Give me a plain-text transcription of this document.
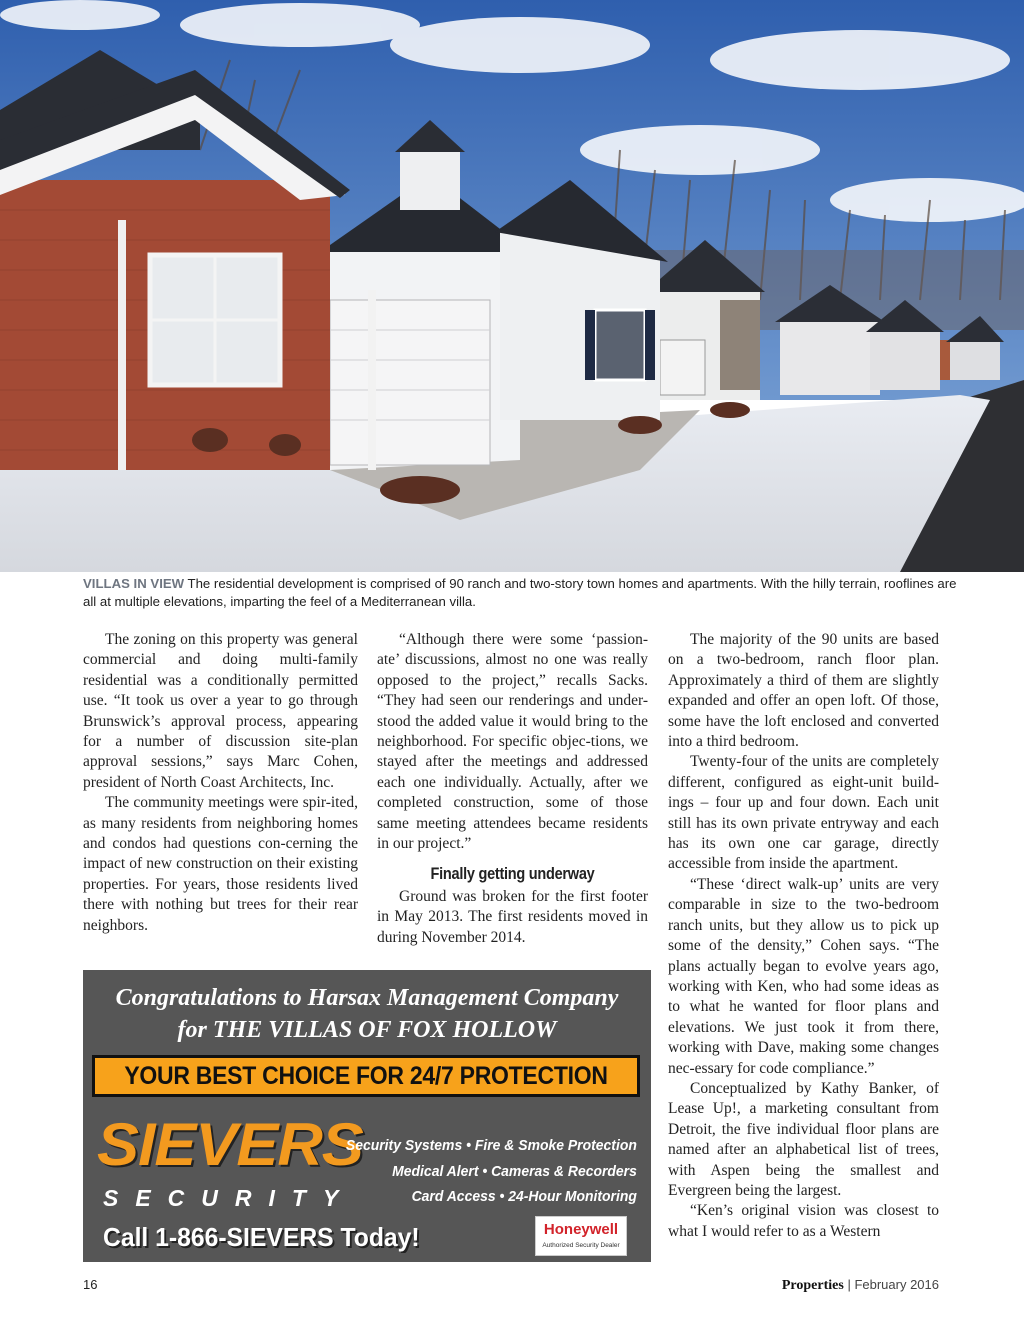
VILLAS IN VIEW The residential development is comprised of 90 ranch and two-story town homes and apartments. With the hilly terrain, rooflines are all at multiple elevations, imparting the feel of a Mediterranean villa.

The zoning on this property was general commercial and doing multi-family residential was a conditionally permitted use. “It took us over a year to go through Brunswick’s approval process, appearing for a number of discussion site-plan approval sessions,” says Marc Cohen, president of North Coast Architects, Inc.

The community meetings were spir-ited, as many residents from neighboring homes and condos had questions con-cerning the impact of new construction on their existing properties. For years, those residents lived there with nothing but trees for their rear neighbors.

“Although there were some ‘passion-ate’ discussions, almost no one was really opposed to the project,” recalls Sacks. “They had seen our renderings and under-stood the added value it would bring to the neighborhood. For specific objec-tions, we stayed after the meetings and addressed each one individually. Actually, after we completed construction, some of those same meeting attendees became residents in our project.”

Finally getting underway

Ground was broken for the first footer in May 2013. The first residents moved in during November 2014.

The majority of the 90 units are based on a two-bedroom, ranch floor plan. Approximately a third of them are slightly expanded and offer an open loft. Of those, some have the loft enclosed and converted into a third bedroom.

Twenty-four of the units are completely different, configured as eight-unit build-ings – four up and four down. Each unit still has its own private entryway and each has its own one car garage, directly accessible from inside the apartment.

“These ‘direct walk-up’ units are very comparable in size to the two-bedroom ranch units, but they allow us to pick up some of the density,” Cohen says. “The plans actually began to evolve years ago, working with Ken, who had some ideas as to what he wanted for floor plans and elevations. We just took it from there, working with Dave, making some changes nec-essary for code compliance.”

Conceptualized by Kathy Banker, of Lease Up!, a marketing consultant from Detroit, the five individual floor plans are named after an alphabetical list of trees, with Aspen being the smallest and Evergreen being the largest.

“Ken’s original vision was closest to what I would refer to as a Western

Congratulations to Harsax Management Company
for THE VILLAS OF FOX HOLLOW
YOUR BEST CHOICE FOR 24/7 PROTECTION
SIEVERS
SECURITY
Security Systems • Fire & Smoke Protection
Medical Alert • Cameras & Recorders
Card Access • 24-Hour Monitoring
Call 1-866-SIEVERS Today!	Honeywell
Authorized Security Dealer
16	Properties | February 2016
